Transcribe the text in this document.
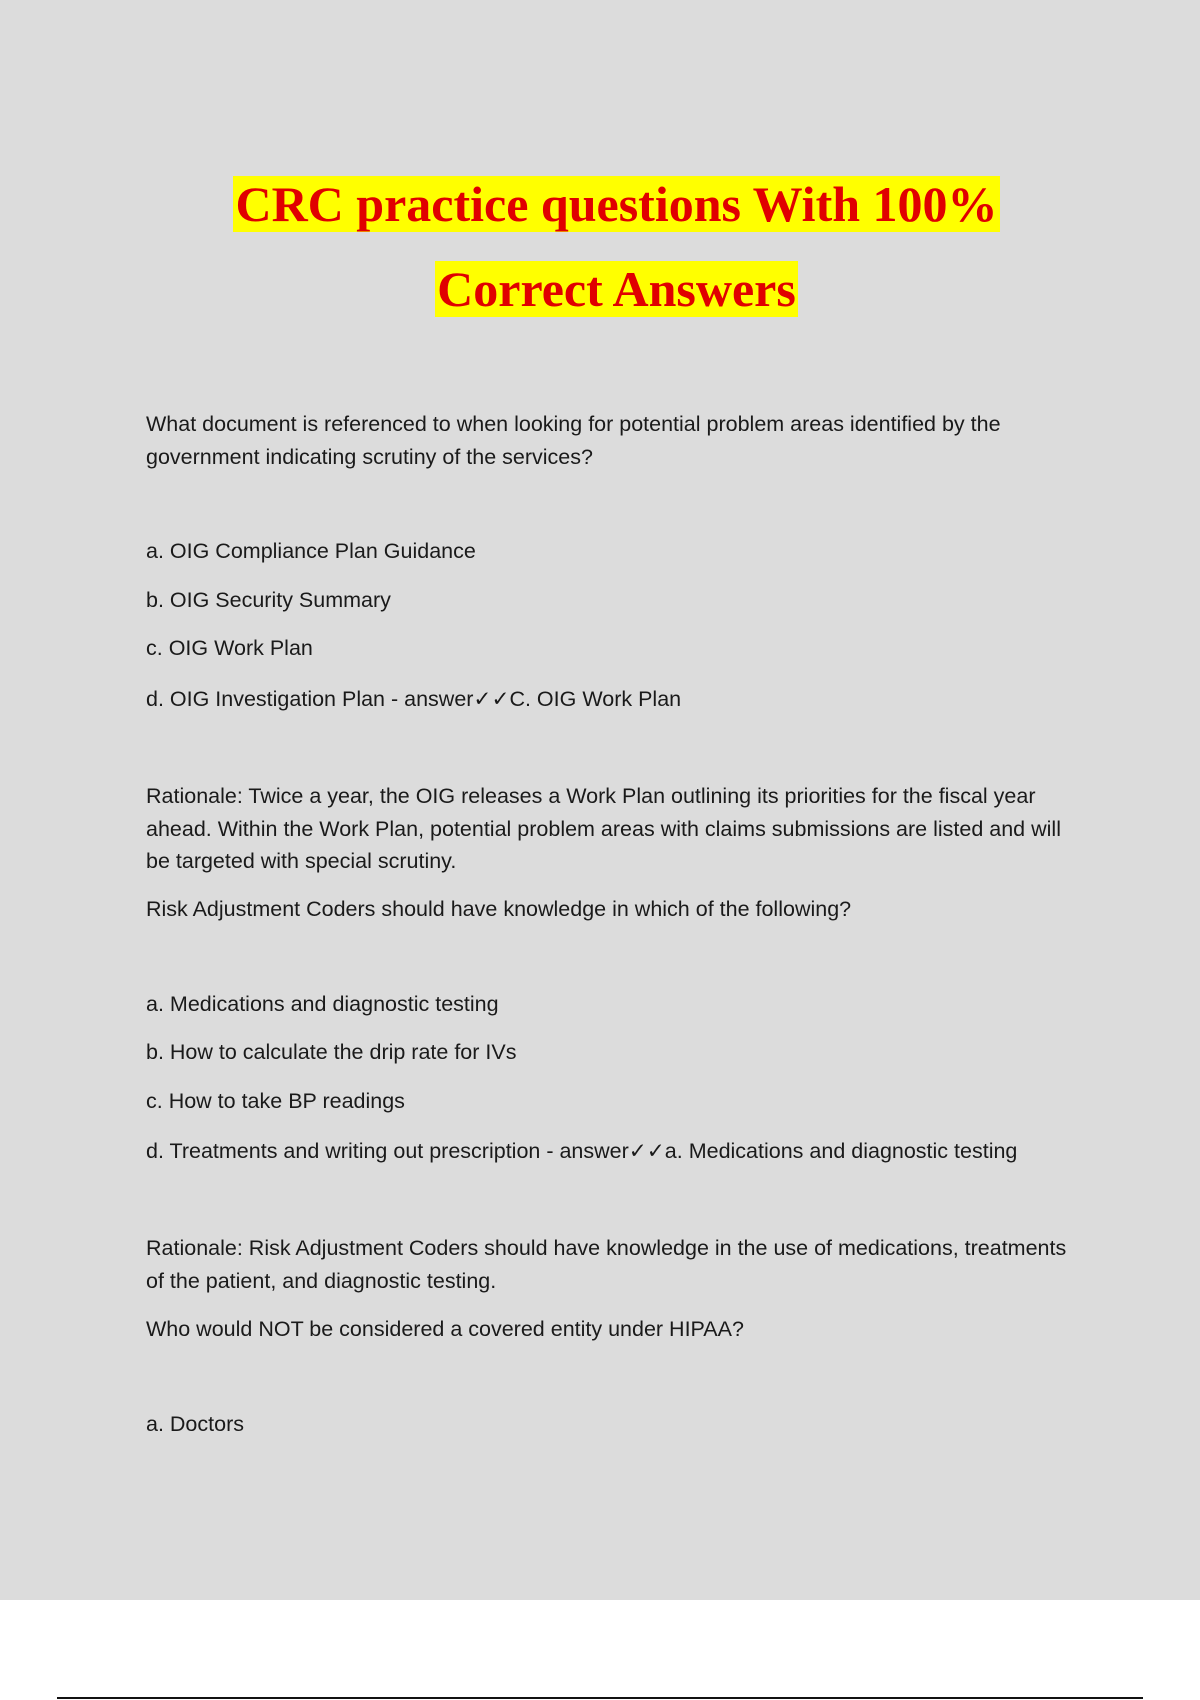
CRC practice questions With 100%
Correct Answers
What document is referenced to when looking for potential problem areas identified by the government indicating scrutiny of the services?
a. OIG Compliance Plan Guidance
b. OIG Security Summary
c. OIG Work Plan
d. OIG Investigation Plan - answer✓✓C. OIG Work Plan
Rationale: Twice a year, the OIG releases a Work Plan outlining its priorities for the fiscal year ahead. Within the Work Plan, potential problem areas with claims submissions are listed and will be targeted with special scrutiny.
Risk Adjustment Coders should have knowledge in which of the following?
a. Medications and diagnostic testing
b. How to calculate the drip rate for IVs
c. How to take BP readings
d. Treatments and writing out prescription - answer✓✓a. Medications and diagnostic testing
Rationale: Risk Adjustment Coders should have knowledge in the use of medications, treatments of the patient, and diagnostic testing.
Who would NOT be considered a covered entity under HIPAA?
a. Doctors
